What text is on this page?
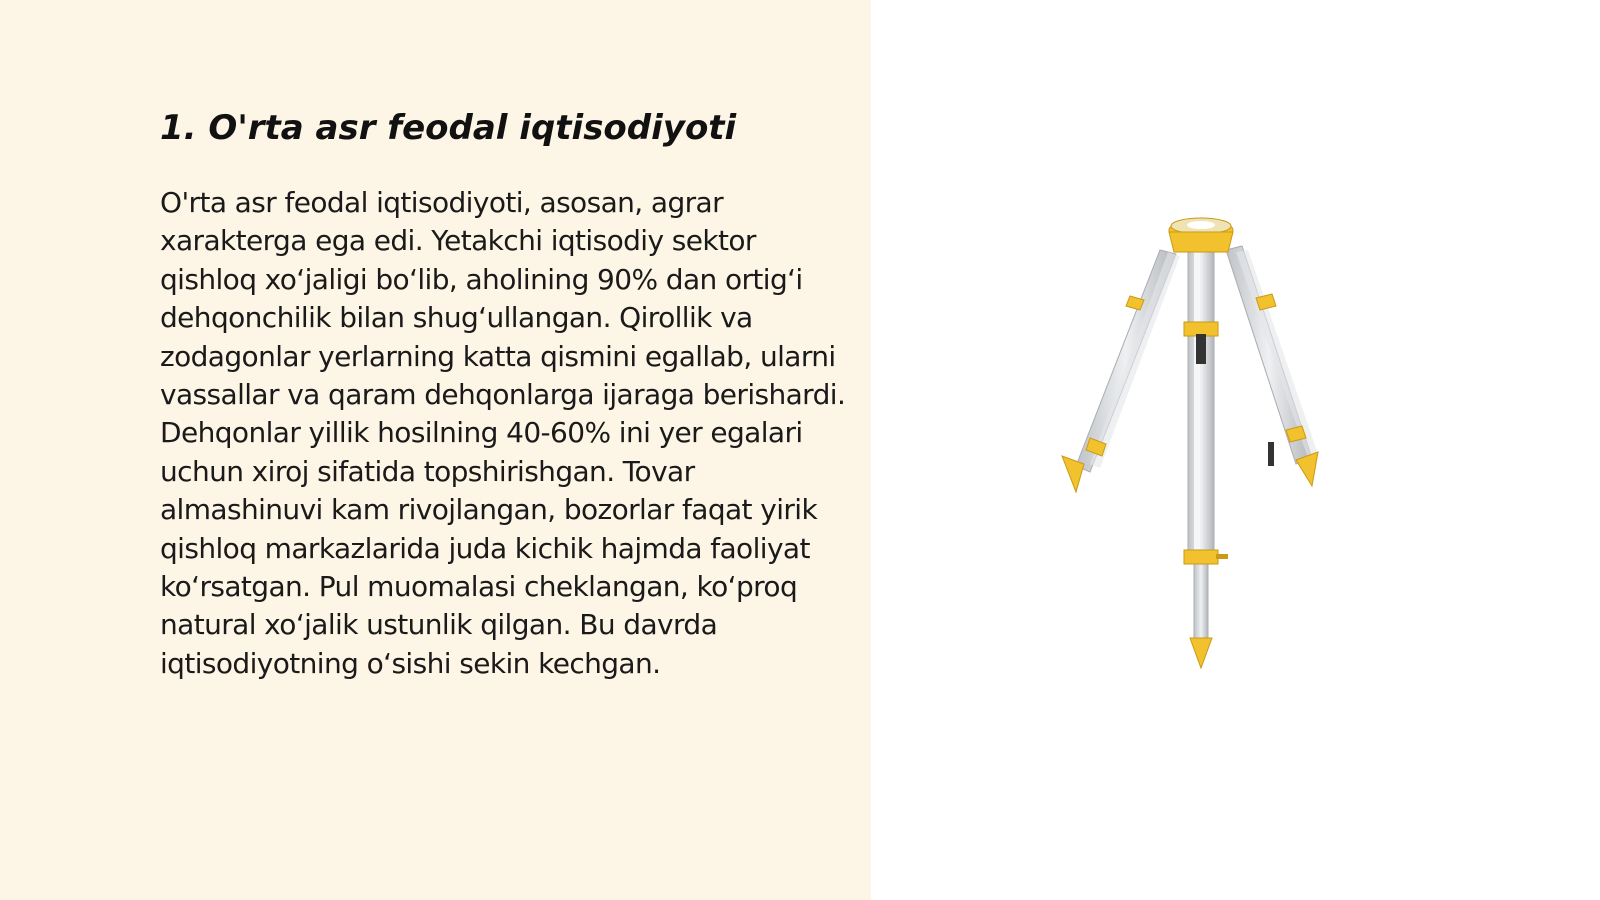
1. O'rta asr feodal iqtisodiyoti

O'rta asr feodal iqtisodiyoti, asosan, agrar xarakterga ega edi. Yetakchi iqtisodiy sektor qishloq xo‘jaligi bo‘lib, aholining 90% dan ortig‘i dehqonchilik bilan shug‘ullangan. Qirollik va zodagonlar yerlarning katta qismini egallab, ularni vassallar va qaram dehqonlarga ijaraga berishardi. Dehqonlar yillik hosilning 40-60% ini yer egalari uchun xiroj sifatida topshirishgan. Tovar almashinuvi kam rivojlangan, bozorlar faqat yirik qishloq markazlarida juda kichik hajmda faoliyat ko‘rsatgan. Pul muomalasi cheklangan, ko‘proq natural xo‘jalik ustunlik qilgan. Bu davrda iqtisodiyotning o‘sishi sekin kechgan.
